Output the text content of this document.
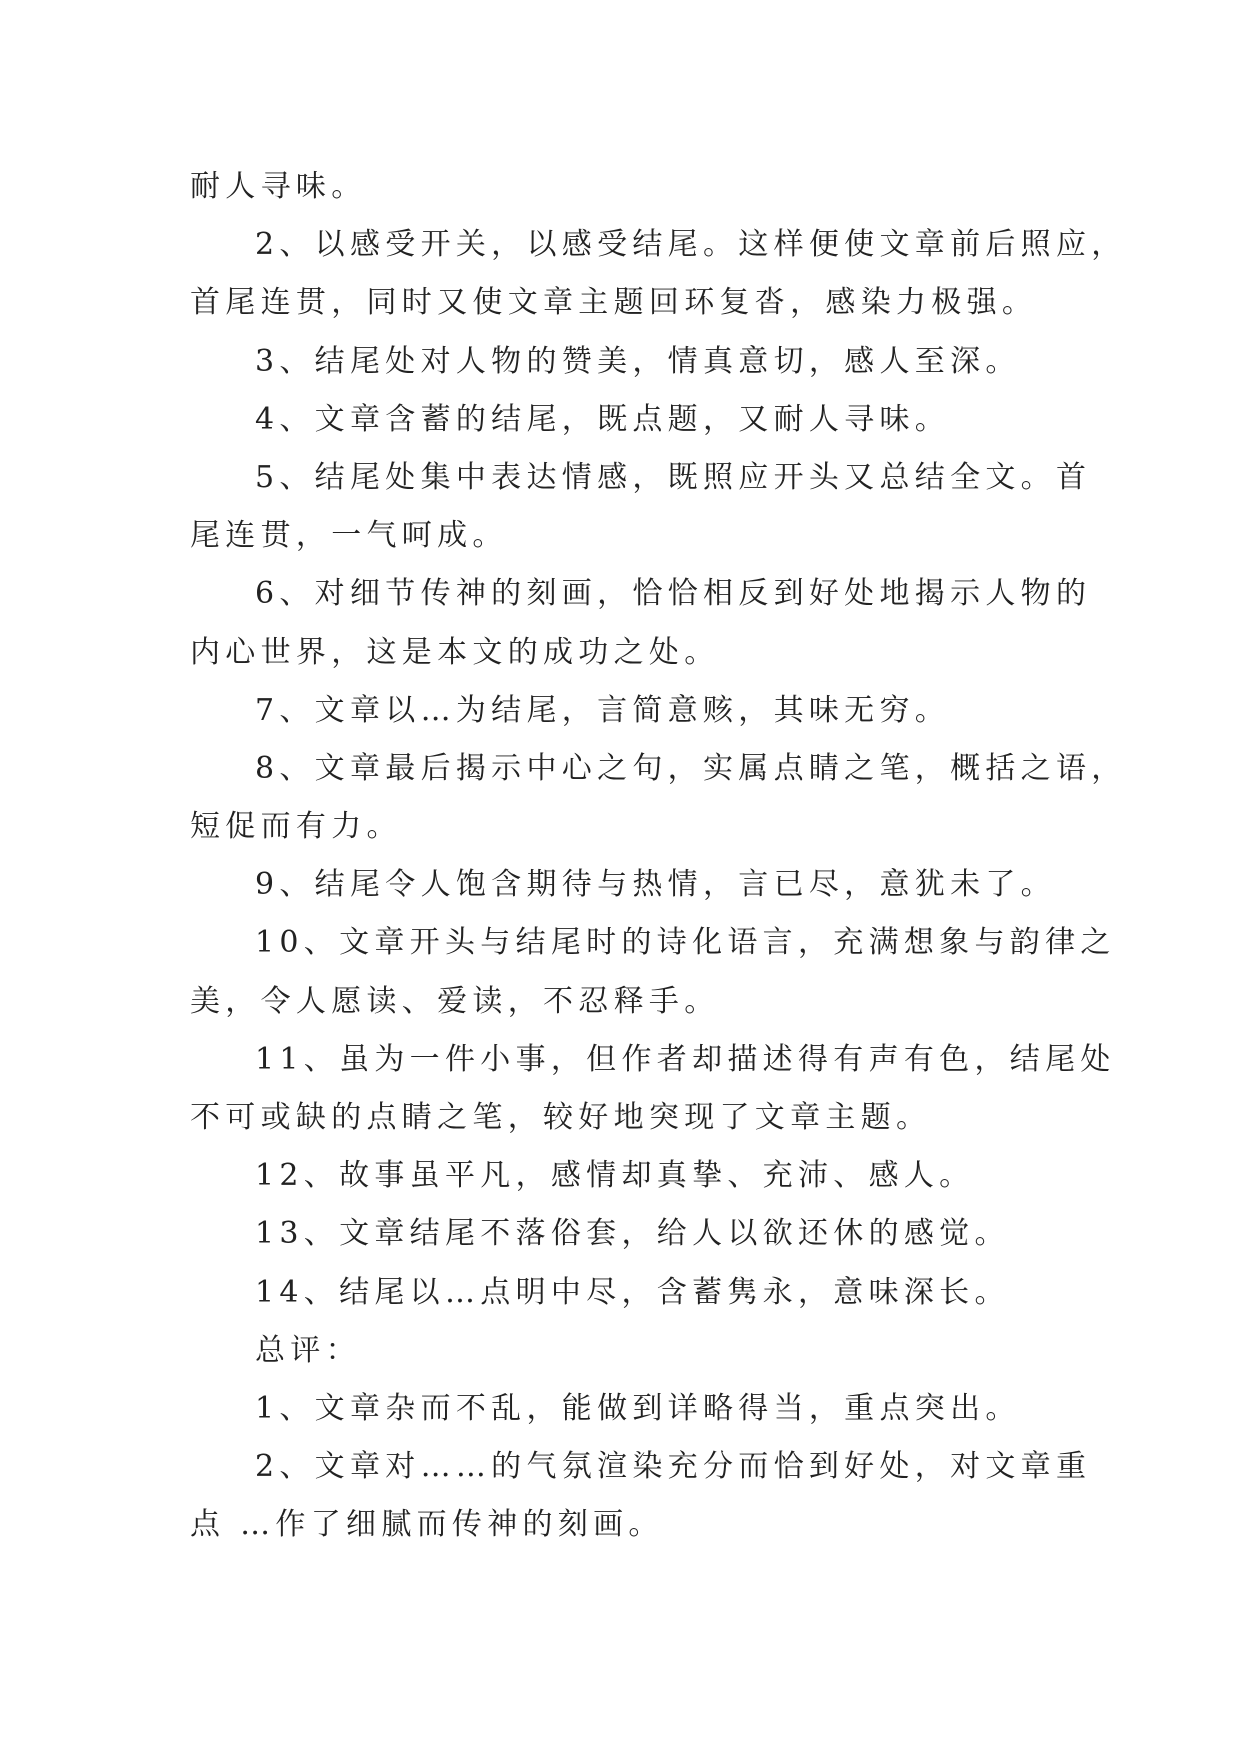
耐人寻味。
2、以感受开关，以感受结尾。这样便使文章前后照应，
首尾连贯，同时又使文章主题回环复沓，感染力极强。
3、结尾处对人物的赞美，情真意切，感人至深。
4、文章含蓄的结尾，既点题，又耐人寻味。
5、结尾处集中表达情感，既照应开头又总结全文。首
尾连贯，一气呵成。
6、对细节传神的刻画，恰恰相反到好处地揭示人物的
内心世界，这是本文的成功之处。
7、文章以…为结尾，言简意赅，其味无穷。
8、文章最后揭示中心之句，实属点睛之笔，概括之语，
短促而有力。
9、结尾令人饱含期待与热情，言已尽，意犹未了。
10、文章开头与结尾时的诗化语言，充满想象与韵律之
美，令人愿读、爱读，不忍释手。
11、虽为一件小事，但作者却描述得有声有色，结尾处
不可或缺的点睛之笔，较好地突现了文章主题。
12、故事虽平凡，感情却真挚、充沛、感人。
13、文章结尾不落俗套，给人以欲还休的感觉。
14、结尾以…点明中尽，含蓄隽永，意味深长。
总评：
1、文章杂而不乱，能做到详略得当，重点突出。
2、文章对……的气氛渲染充分而恰到好处，对文章重
点 …作了细腻而传神的刻画。
